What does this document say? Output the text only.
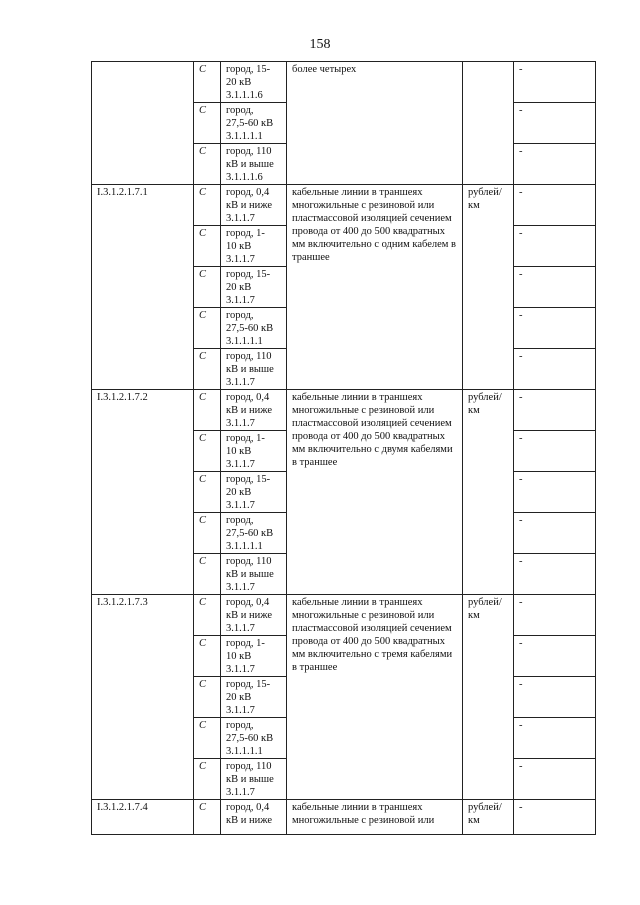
158
	С	город, 15-
20 кВ
3.1.1.1.6	более четырех		-
	С	город,
27,5-60 кВ
3.1.1.1.1			-
	С	город, 110
кВ и выше
3.1.1.1.6			-
I.3.1.2.1.7.1	С	город, 0,4
кВ и ниже
3.1.1.7	кабельные линии в траншеях многожильные с резиновой или пластмассовой изоляцией сечением провода от 400 до 500 квадратных мм включительно с одним кабелем в траншее	рублей/ км	-
	С	город, 1-
10 кВ
3.1.1.7			-
	С	город, 15-
20 кВ
3.1.1.7			-
	С	город,
27,5-60 кВ
3.1.1.1.1			-
	С	город, 110
кВ и выше
3.1.1.7			-
I.3.1.2.1.7.2	С	город, 0,4
кВ и ниже
3.1.1.7	кабельные линии в траншеях многожильные с резиновой или пластмассовой изоляцией сечением провода от 400 до 500 квадратных мм включительно с двумя кабелями в траншее	рублей/ км	-
	С	город, 1-
10 кВ
3.1.1.7			-
	С	город, 15-
20 кВ
3.1.1.7			-
	С	город,
27,5-60 кВ
3.1.1.1.1			-
	С	город, 110
кВ и выше
3.1.1.7			-
I.3.1.2.1.7.3	С	город, 0,4
кВ и ниже
3.1.1.7	кабельные линии в траншеях многожильные с резиновой или пластмассовой изоляцией сечением провода от 400 до 500 квадратных мм включительно с тремя кабелями в траншее	рублей/ км	-
	С	город, 1-
10 кВ
3.1.1.7			-
	С	город, 15-
20 кВ
3.1.1.7			-
	С	город,
27,5-60 кВ
3.1.1.1.1			-
	С	город, 110
кВ и выше
3.1.1.7			-
I.3.1.2.1.7.4	С	город, 0,4
кВ и ниже	кабельные линии в траншеях многожильные с резиновой или	рублей/ км	-
